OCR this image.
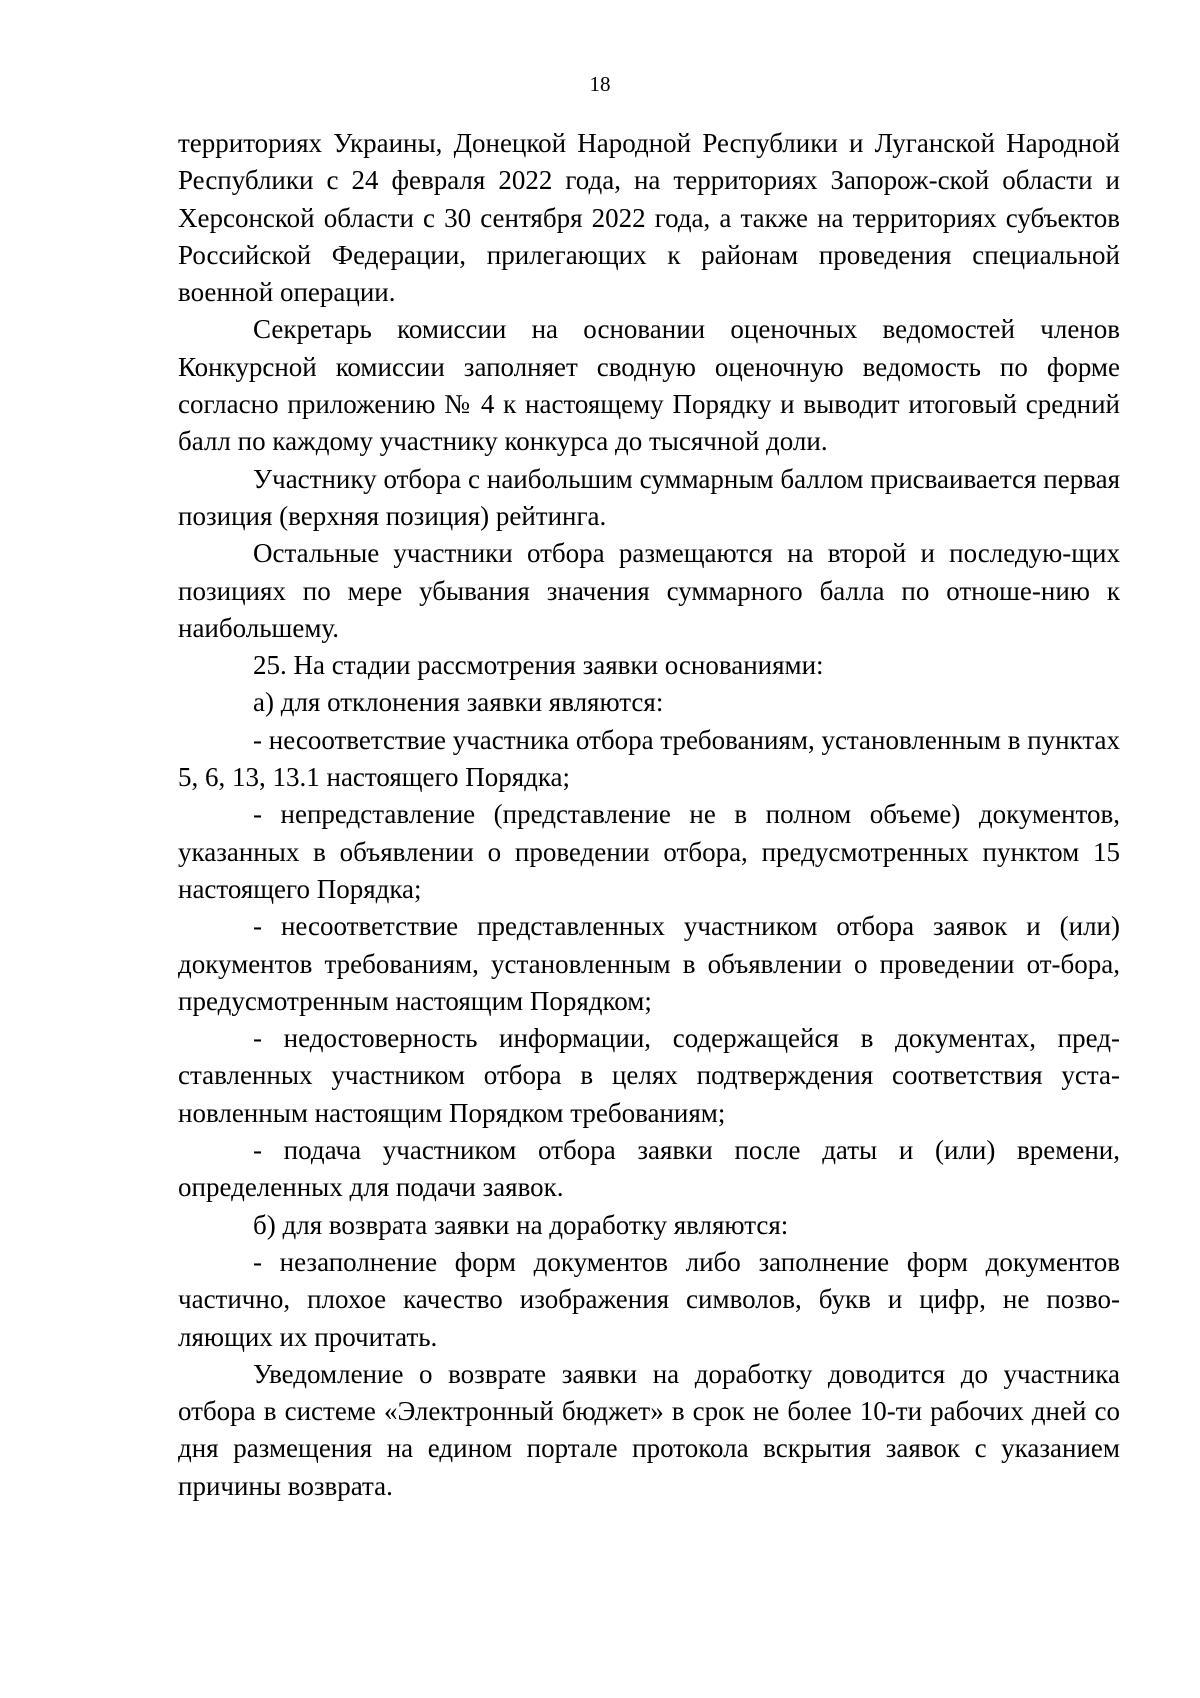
18

территориях Украины, Донецкой Народной Республики и Луганской Народной Республики с 24 февраля 2022 года, на территориях Запорож-ской области и Херсонской области с 30 сентября 2022 года, а также на территориях субъектов Российской Федерации, прилегающих к районам проведения специальной военной операции.

Секретарь комиссии на основании оценочных ведомостей членов Конкурсной комиссии заполняет сводную оценочную ведомость по форме согласно приложению № 4 к настоящему Порядку и выводит итоговый средний балл по каждому участнику конкурса до тысячной доли.

Участнику отбора с наибольшим суммарным баллом присваивается первая позиция (верхняя позиция) рейтинга.

Остальные участники отбора размещаются на второй и последую-щих позициях по мере убывания значения суммарного балла по отноше-нию к наибольшему.

25. На стадии рассмотрения заявки основаниями:

а) для отклонения заявки являются:

- несоответствие участника отбора требованиям, установленным в пунктах 5, 6, 13, 13.1 настоящего Порядка;

- непредставление (представление не в полном объеме) документов, указанных в объявлении о проведении отбора, предусмотренных пунктом 15 настоящего Порядка;

- несоответствие представленных участником отбора заявок и (или) документов требованиям, установленным в объявлении о проведении от-бора, предусмотренным настоящим Порядком;

- недостоверность информации, содержащейся в документах, пред-ставленных участником отбора в целях подтверждения соответствия уста-новленным настоящим Порядком требованиям;

- подача участником отбора заявки после даты и (или) времени, определенных для подачи заявок.

б) для возврата заявки на доработку являются:

- незаполнение форм документов либо заполнение форм документов частично, плохое качество изображения символов, букв и цифр, не позво-ляющих их прочитать.

Уведомление о возврате заявки на доработку доводится до участника отбора в системе «Электронный бюджет» в срок не более 10-ти рабочих дней со дня размещения на едином портале протокола вскрытия заявок с указанием причины возврата.
